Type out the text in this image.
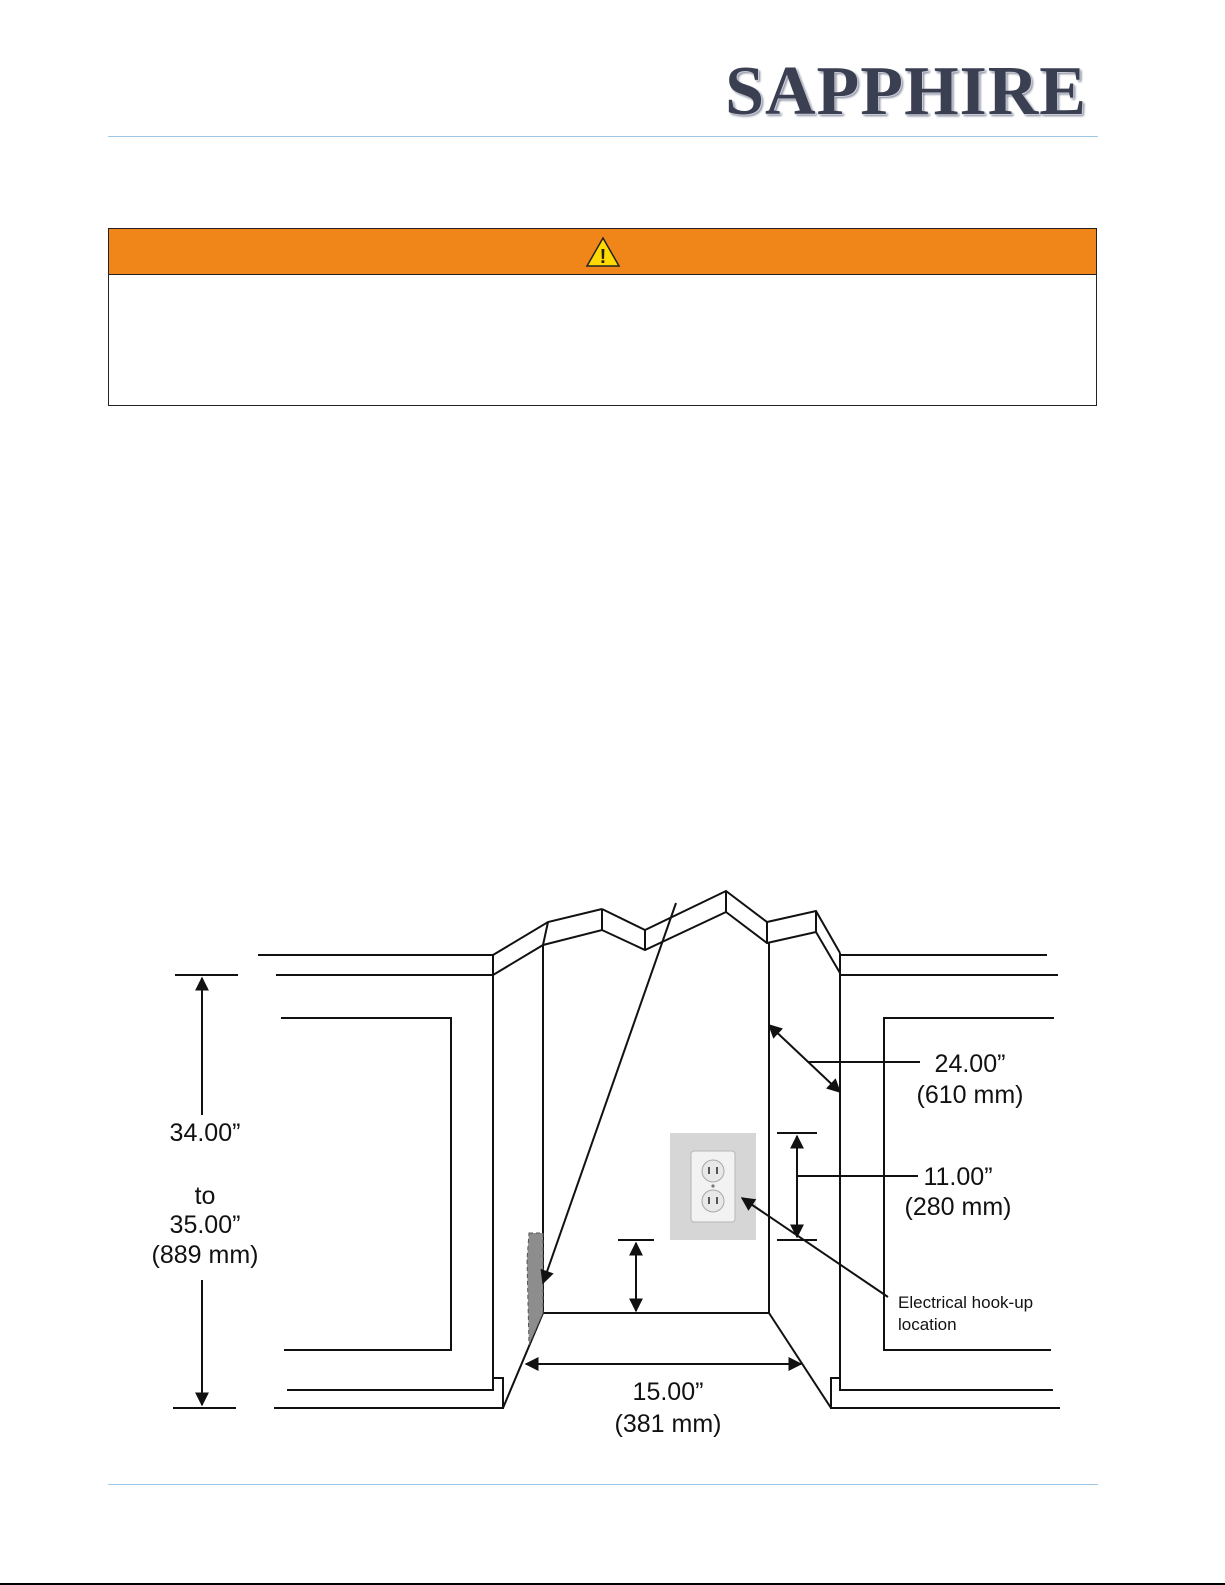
SAPPHIRE
!
34.00”
to
35.00”
(889 mm)
24.00”
(610 mm)
11.00”
(280 mm)
Electrical hook-up
location
15.00”
(381 mm)
